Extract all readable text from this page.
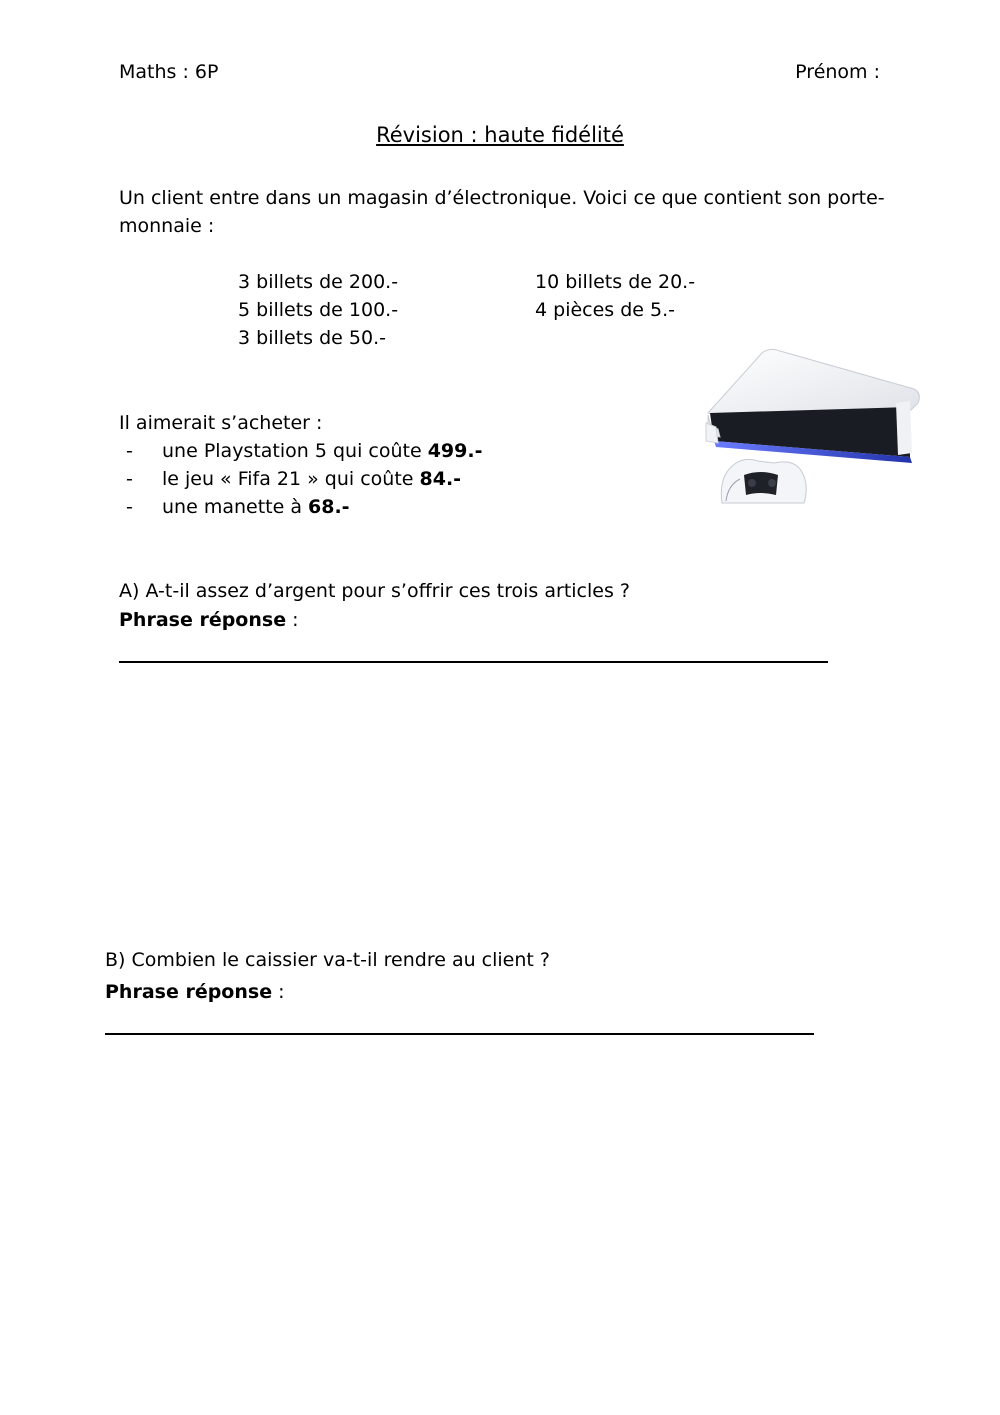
Maths : 6P	Prénom :
Révision : haute fidélité
Un client entre dans un magasin d’électronique. Voici ce que contient son porte-
monnaie :
3 billets de 200.-
5 billets de 100.-
3 billets de 50.-
10 billets de 20.-
4 pièces de 5.-
Il aimerait s’acheter :
- une Playstation 5 qui coûte 499.-
- le jeu « Fifa 21 » qui coûte 84.-
- une manette à 68.-
A) A-t-il assez d’argent pour s’offrir ces trois articles ?
Phrase réponse :
B) Combien le caissier va-t-il rendre au client ?
Phrase réponse :
